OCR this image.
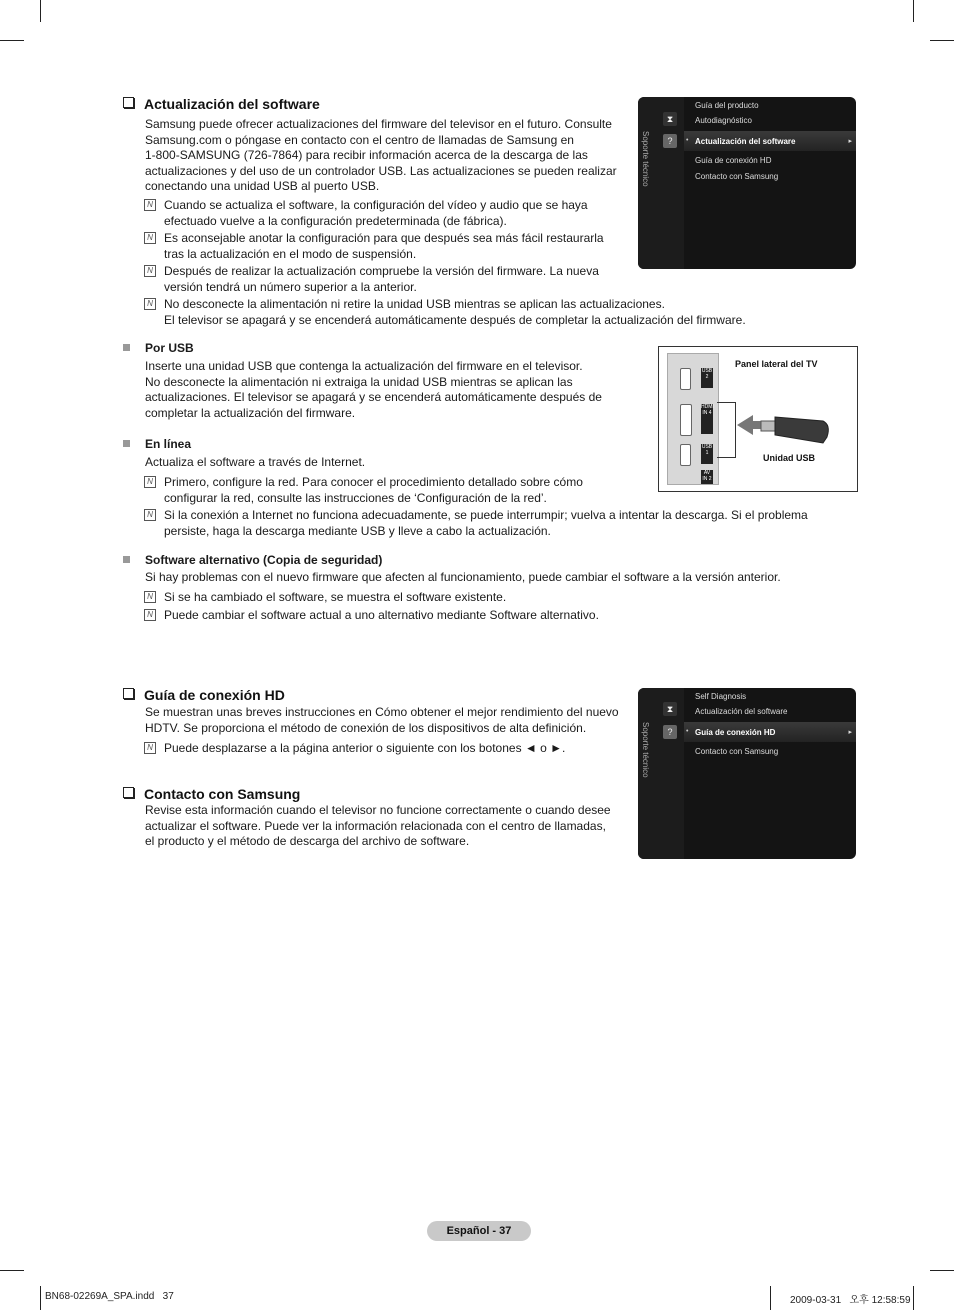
Actualización del software
Samsung puede ofrecer actualizaciones del firmware del televisor en el futuro. Consulte
Samsung.com o póngase en contacto con el centro de llamadas de Samsung en
1-800-SAMSUNG (726-7864) para recibir información acerca de la descarga de las
actualizaciones y del uso de un controlador USB. Las actualizaciones se pueden realizar
conectando una unidad USB al puerto USB.
N Cuando se actualiza el software, la configuración del vídeo y audio que se haya
efectuado vuelve a la configuración predeterminada (de fábrica).
N Es aconsejable anotar la configuración para que después sea más fácil restaurarla
tras la actualización en el modo de suspensión.
N Después de realizar la actualización compruebe la versión del firmware. La nueva
versión tendrá un número superior a la anterior.
N No desconecte la alimentación ni retire la unidad USB mientras se aplican las actualizaciones.
El televisor se apagará y se encenderá automáticamente después de completar la actualización del firmware.
Soporte técnico
⧗
?
Guía del producto
Autodiagnóstico
• Actualización del software	▸
Guía de conexión HD
Contacto con Samsung
Por USB
Inserte una unidad USB que contenga la actualización del firmware en el televisor.
No desconecte la alimentación ni extraiga la unidad USB mientras se aplican las
actualizaciones. El televisor se apagará y se encenderá automáticamente después de
completar la actualización del firmware.
USB 2
HDMI IN 4
USB 1
AV IN 2
Panel lateral del TV
Unidad USB
En línea
Actualiza el software a través de Internet.
N Primero, configure la red. Para conocer el procedimiento detallado sobre cómo
configurar la red, consulte las instrucciones de ‘Configuración de la red’.
N Si la conexión a Internet no funciona adecuadamente, se puede interrumpir; vuelva a intentar la descarga. Si el problema
persiste, haga la descarga mediante USB y lleve a cabo la actualización.
Software alternativo (Copia de seguridad)
Si hay problemas con el nuevo firmware que afecten al funcionamiento, puede cambiar el software a la versión anterior.
N Si se ha cambiado el software, se muestra el software existente.
N Puede cambiar el software actual a uno alternativo mediante Software alternativo.
Guía de conexión HD
Se muestran unas breves instrucciones en Cómo obtener el mejor rendimiento del nuevo
HDTV. Se proporciona el método de conexión de los dispositivos de alta definición.
N Puede desplazarse a la página anterior o siguiente con los botones ◄ o ►.	Soporte técnico
⧗
?
Self Diagnosis
Actualización del software
• Guía de conexión HD	▸
Contacto con Samsung
Contacto con Samsung
Revise esta información cuando el televisor no funcione correctamente o cuando desee
actualizar el software. Puede ver la información relacionada con el centro de llamadas,
el producto y el método de descarga del archivo de software.
Español - 37
BN68-02269A_SPA.indd   37	2009-03-31   오후 12:58:59
